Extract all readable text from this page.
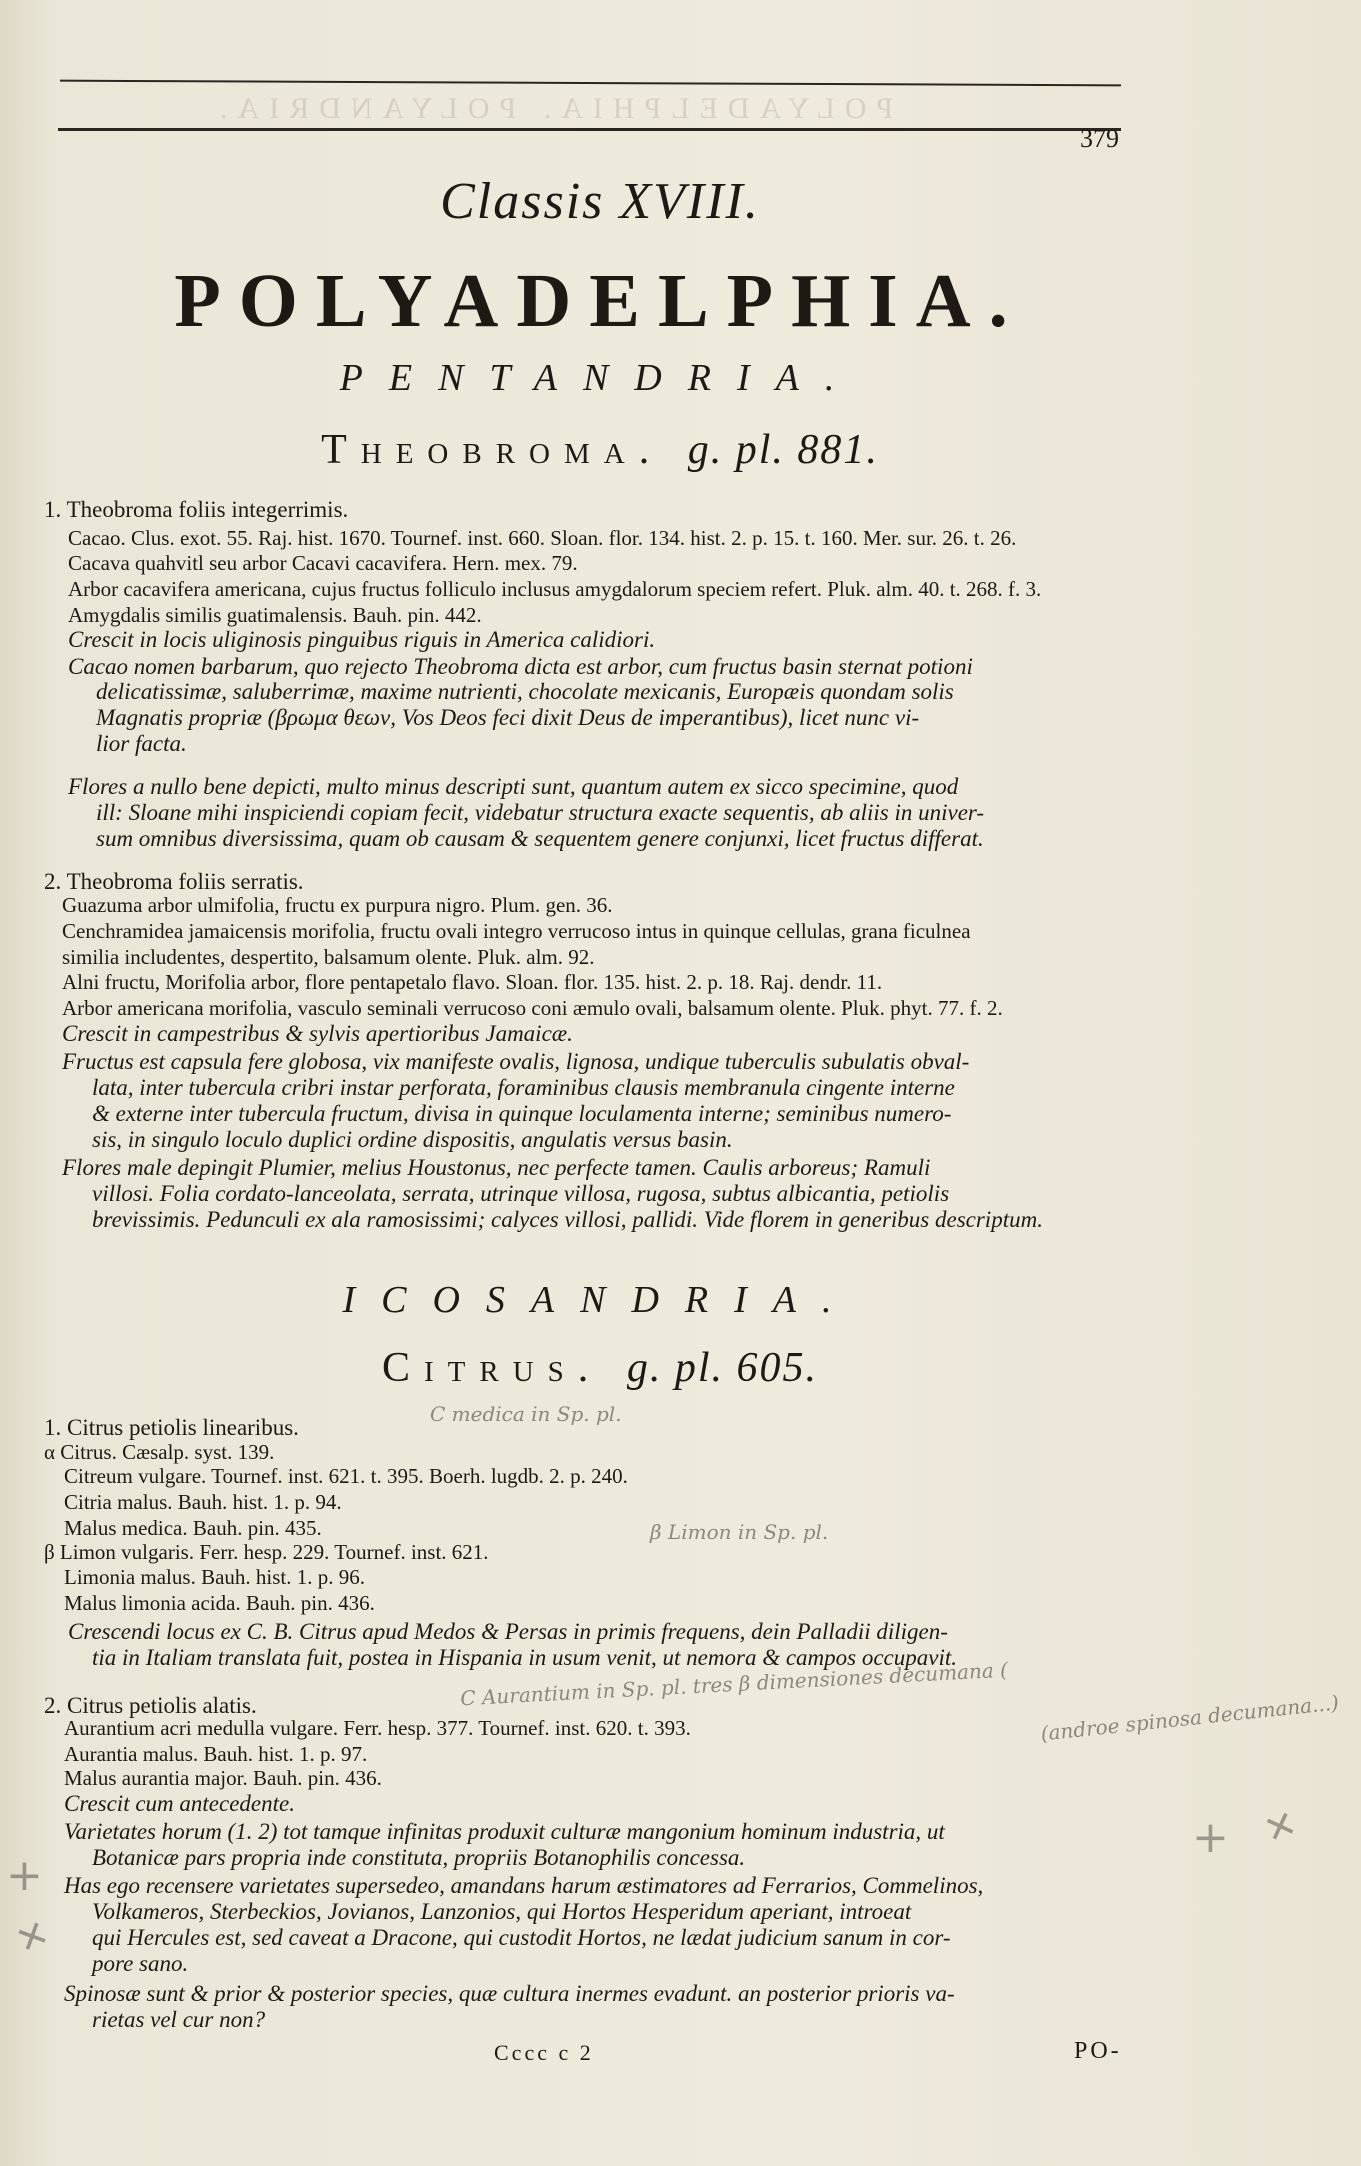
POLYADELPHIA. POLYANDRIA.
379
Classis XVIII.
POLYADELPHIA.
PENTANDRIA.
Theobroma. g. pl. 881.
ICOSANDRIA.
Citrus. g. pl. 605.
1. Theobroma foliis integerrimis.
Cacao. Clus. exot. 55. Raj. hist. 1670. Tournef. inst. 660. Sloan. flor. 134. hist. 2. p. 15. t. 160. Mer. sur. 26. t. 26.
Cacava quahvitl seu arbor Cacavi cacavifera. Hern. mex. 79.
Arbor cacavifera americana, cujus fructus folliculo inclusus amygdalorum speciem refert. Pluk. alm. 40. t. 268. f. 3.
Amygdalis similis guatimalensis. Bauh. pin. 442.
Crescit in locis uliginosis pinguibus riguis in America calidiori.
Cacao nomen barbarum, quo rejecto Theobroma dicta est arbor, cum fructus basin sternat potioni
delicatissimæ, saluberrimæ, maxime nutrienti, chocolate mexicanis, Europæis quondam solis
Magnatis propriæ (βρωμα θεων, Vos Deos feci dixit Deus de imperantibus), licet nunc vi-
lior facta.
Flores a nullo bene depicti, multo minus descripti sunt, quantum autem ex sicco specimine, quod
ill: Sloane mihi inspiciendi copiam fecit, videbatur structura exacte sequentis, ab aliis in univer-
sum omnibus diversissima, quam ob causam & sequentem genere conjunxi, licet fructus differat.
2. Theobroma foliis serratis.
Guazuma arbor ulmifolia, fructu ex purpura nigro. Plum. gen. 36.
Cenchramidea jamaicensis morifolia, fructu ovali integro verrucoso intus in quinque cellulas, grana ficulnea
similia includentes, despertito, balsamum olente. Pluk. alm. 92.
Alni fructu, Morifolia arbor, flore pentapetalo flavo. Sloan. flor. 135. hist. 2. p. 18. Raj. dendr. 11.
Arbor americana morifolia, vasculo seminali verrucoso coni æmulo ovali, balsamum olente. Pluk. phyt. 77. f. 2.
Crescit in campestribus & sylvis apertioribus Jamaicæ.
Fructus est capsula fere globosa, vix manifeste ovalis, lignosa, undique tuberculis subulatis obval-
lata, inter tubercula cribri instar perforata, foraminibus clausis membranula cingente interne
& externe inter tubercula fructum, divisa in quinque loculamenta interne; seminibus numero-
sis, in singulo loculo duplici ordine dispositis, angulatis versus basin.
Flores male depingit Plumier, melius Houstonus, nec perfecte tamen. Caulis arboreus; Ramuli
villosi. Folia cordato-lanceolata, serrata, utrinque villosa, rugosa, subtus albicantia, petiolis
brevissimis. Pedunculi ex ala ramosissimi; calyces villosi, pallidi. Vide florem in generibus descriptum.
1. Citrus petiolis linearibus.
α Citrus. Cæsalp. syst. 139.
Citreum vulgare. Tournef. inst. 621. t. 395. Boerh. lugdb. 2. p. 240.
Citria malus. Bauh. hist. 1. p. 94.
Malus medica. Bauh. pin. 435.
β Limon vulgaris. Ferr. hesp. 229. Tournef. inst. 621.
Limonia malus. Bauh. hist. 1. p. 96.
Malus limonia acida. Bauh. pin. 436.
Crescendi locus ex C. B. Citrus apud Medos & Persas in primis frequens, dein Palladii diligen-
tia in Italiam translata fuit, postea in Hispania in usum venit, ut nemora & campos occupavit.
2. Citrus petiolis alatis.
Aurantium acri medulla vulgare. Ferr. hesp. 377. Tournef. inst. 620. t. 393.
Aurantia malus. Bauh. hist. 1. p. 97.
Malus aurantia major. Bauh. pin. 436.
Crescit cum antecedente.
Varietates horum (1. 2) tot tamque infinitas produxit culturæ mangonium hominum industria, ut
Botanicæ pars propria inde constituta, propriis Botanophilis concessa.
Has ego recensere varietates supersedeo, amandans harum æstimatores ad Ferrarios, Commelinos,
Volkameros, Sterbeckios, Jovianos, Lanzonios, qui Hortos Hesperidum aperiant, introeat
qui Hercules est, sed caveat a Dracone, qui custodit Hortos, ne lædat judicium sanum in cor-
pore sano.
Spinosæ sunt & prior & posterior species, quæ cultura inermes evadunt. an posterior prioris va-
rietas vel cur non?
C medica in Sp. pl.
β Limon in Sp. pl.
C Aurantium in Sp. pl. tres β dimensiones decumana (
(androe spinosa decumana...)
+
+
+ +
Cccc c 2	PO-
